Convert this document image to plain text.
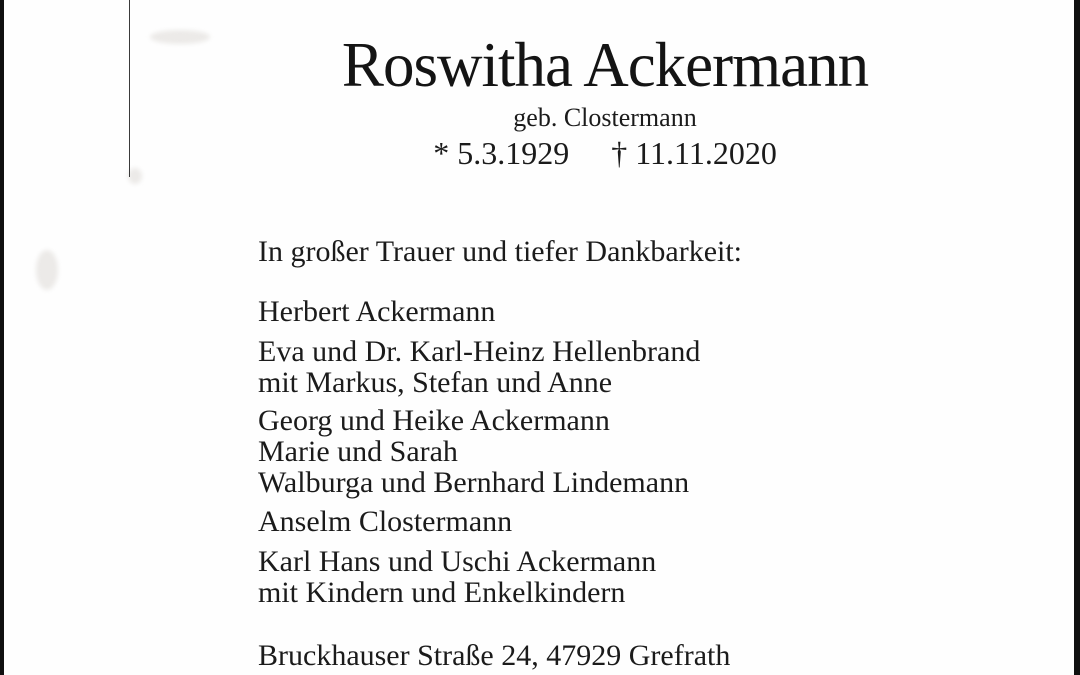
Roswitha Ackermann
geb. Clostermann
* 5.3.1929 † 11.11.2020
In großer Trauer und tiefer Dankbarkeit:
Herbert Ackermann
Eva und Dr. Karl-Heinz Hellenbrand
mit Markus, Stefan und Anne
Georg und Heike Ackermann
Marie und Sarah
Walburga und Bernhard Lindemann
Anselm Clostermann
Karl Hans und Uschi Ackermann
mit Kindern und Enkelkindern
Bruckhauser Straße 24, 47929 Grefrath
